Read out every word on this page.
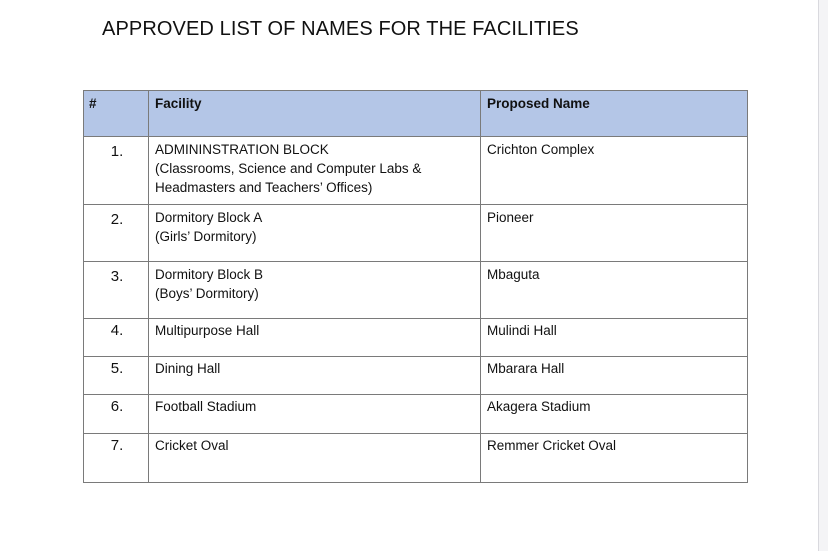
APPROVED LIST OF NAMES FOR THE FACILITIES
#	Facility	Proposed Name

1.	ADMININSTRATION BLOCK
(Classrooms, Science and Computer Labs &
Headmasters and Teachers’ Offices)	Crichton Complex

2.	Dormitory Block A
(Girls’ Dormitory)	Pioneer

3.	Dormitory Block B
(Boys’ Dormitory)	Mbaguta

4.	Multipurpose Hall	Mulindi Hall

5.	Dining Hall	Mbarara Hall

6.	Football Stadium	Akagera Stadium

7.	Cricket Oval	Remmer Cricket Oval
